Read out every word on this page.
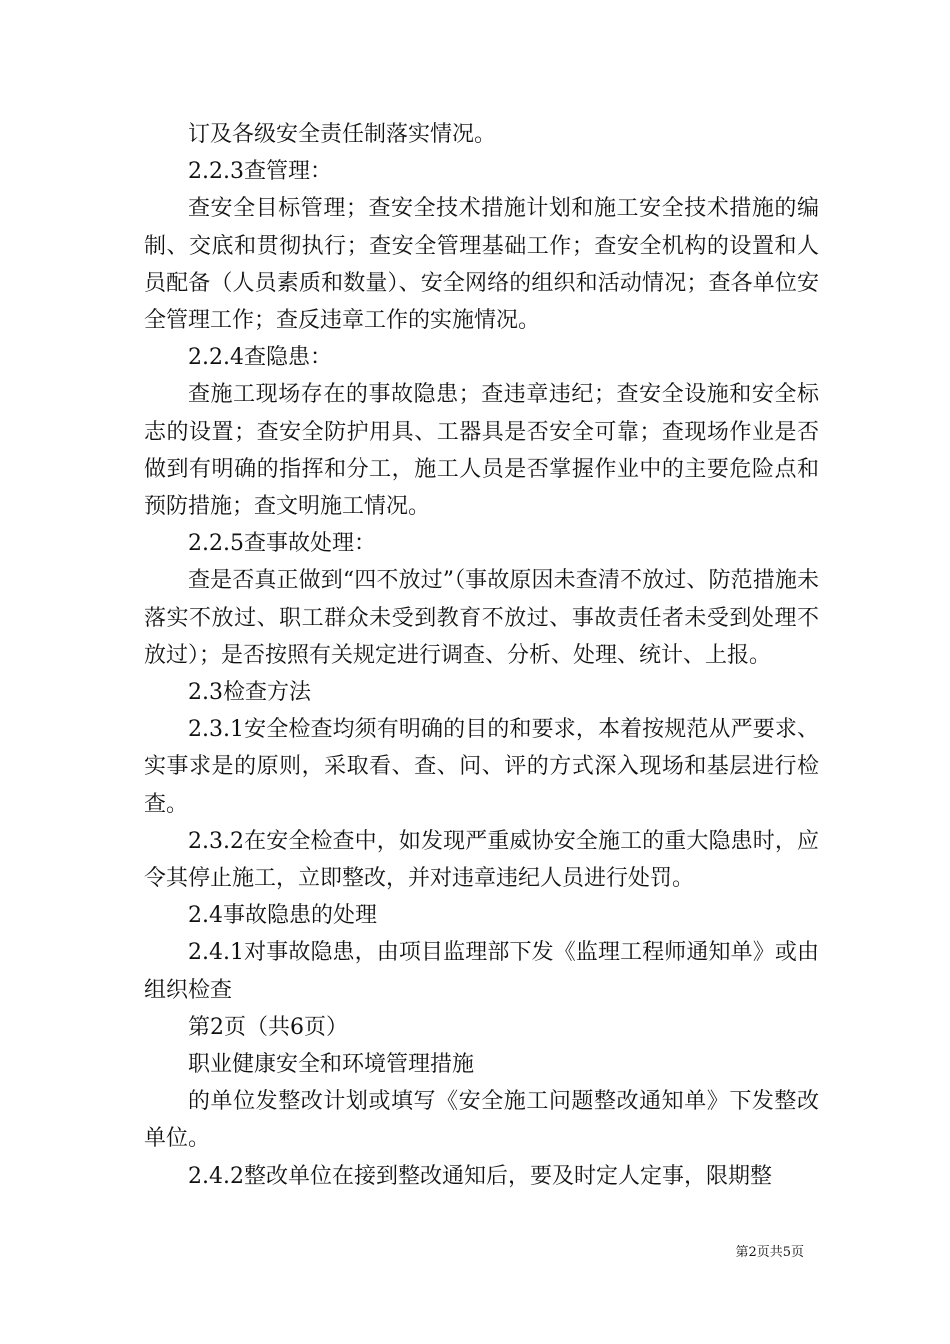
订及各级安全责任制落实情况。

2.2.3查管理：

查安全目标管理；查安全技术措施计划和施工安全技术措施的编制、交底和贯彻执行；查安全管理基础工作；查安全机构的设置和人员配备（人员素质和数量）、安全网络的组织和活动情况；查各单位安全管理工作；查反违章工作的实施情况。

2.2.4查隐患：

查施工现场存在的事故隐患；查违章违纪；查安全设施和安全标志的设置；查安全防护用具、工器具是否安全可靠；查现场作业是否做到有明确的指挥和分工，施工人员是否掌握作业中的主要危险点和预防措施；查文明施工情况。

2.2.5查事故处理：

查是否真正做到“四不放过”（事故原因未查清不放过、防范措施未落实不放过、职工群众未受到教育不放过、事故责任者未受到处理不放过）；是否按照有关规定进行调查、分析、处理、统计、上报。

2.3检查方法

2.3.1安全检查均须有明确的目的和要求，本着按规范从严要求、实事求是的原则，采取看、查、问、评的方式深入现场和基层进行检查。

2.3.2在安全检查中，如发现严重威协安全施工的重大隐患时，应令其停止施工，立即整改，并对违章违纪人员进行处罚。

2.4事故隐患的处理

2.4.1对事故隐患，由项目监理部下发《监理工程师通知单》或由组织检查

第2页（共6页）

职业健康安全和环境管理措施

的单位发整改计划或填写《安全施工问题整改通知单》下发整改单位。

2.4.2整改单位在接到整改通知后，要及时定人定事，限期整

第2页共5页
